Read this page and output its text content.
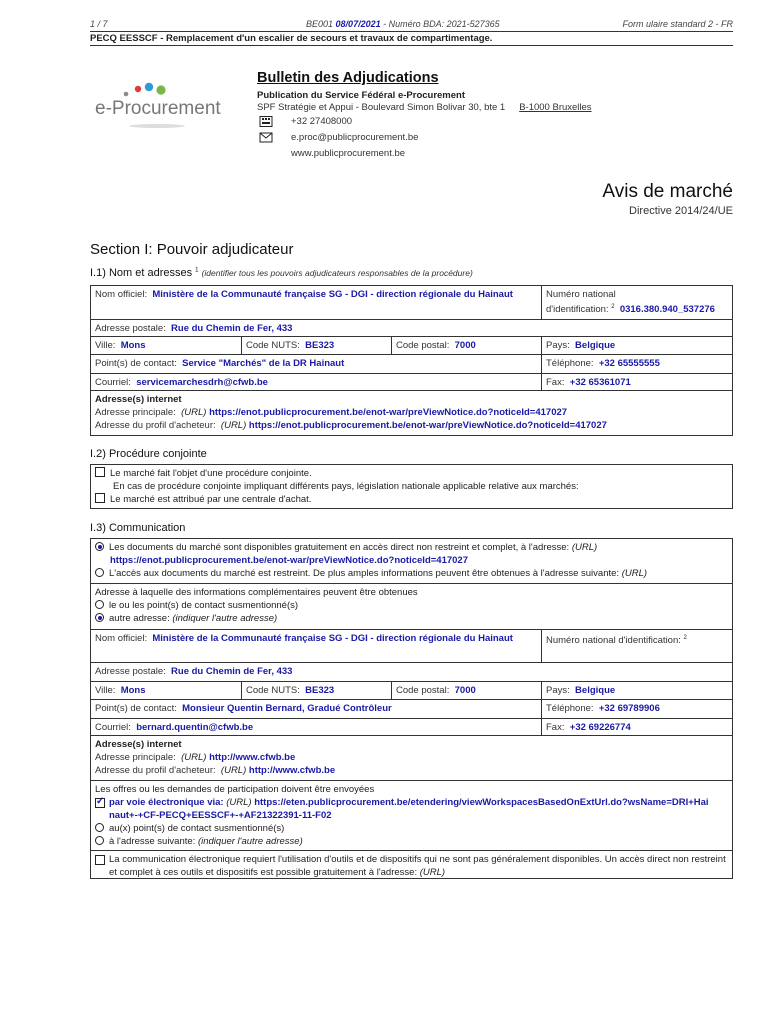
1 / 7	BE001 08/07/2021 - Numéro BDA: 2021-527365	Form ulaire standard 2 - FR
PECQ EESSCF - Remplacement d'un escalier de secours et travaux de compartimentage.
e-Procurement
Bulletin des Adjudications
Publication du Service Fédéral e-Procurement
SPF Stratégie et Appui - Boulevard Simon Bolivar 30, bte 1 B-1000 Bruxelles
+32 27408000
e.proc@publicprocurement.be
www.publicprocurement.be
Avis de marché
Directive 2014/24/UE
Section I: Pouvoir adjudicateur
I.1) Nom et adresses $^1$ (identifier tous les pouvoirs adjudicateurs responsables de la procédure)
Nom officiel: Ministère de la Communauté française SG - DGI - direction régionale du Hainaut	Numéro national
d'identification: $^2$ 0316.380.940_537276
Adresse postale: Rue du Chemin de Fer, 433
Ville: Mons	Code NUTS: BE323	Code postal: 7000	Pays: Belgique
Point(s) de contact: Service "Marchés" de la DR Hainaut	Téléphone: +32 65555555
Courriel: servicemarchesdrh@cfwb.be	Fax: +32 65361071
Adresse(s) internet
Adresse principale: (URL) https://enot.publicprocurement.be/enot-war/preViewNotice.do?noticeId=417027
Adresse du profil d'acheteur: (URL) https://enot.publicprocurement.be/enot-war/preViewNotice.do?noticeId=417027
I.2) Procédure conjointe
Le marché fait l'objet d'une procédure conjointe.
En cas de procédure conjointe impliquant différents pays, législation nationale applicable relative aux marchés:
Le marché est attribué par une centrale d'achat.
I.3) Communication
Les documents du marché sont disponibles gratuitement en accès direct non restreint et complet, à l'adresse: (URL)
https://enot.publicprocurement.be/enot-war/preViewNotice.do?noticeId=417027
L'accès aux documents du marché est restreint. De plus amples informations peuvent être obtenues à l'adresse suivante: (URL)
Adresse à laquelle des informations complémentaires peuvent être obtenues
le ou les point(s) de contact susmentionné(s)
autre adresse: (indiquer l'autre adresse)
Nom officiel: Ministère de la Communauté française SG - DGI - direction régionale du Hainaut	Numéro national d'identification: $^2$
Adresse postale: Rue du Chemin de Fer, 433
Ville: Mons	Code NUTS: BE323	Code postal: 7000	Pays: Belgique
Point(s) de contact: Monsieur Quentin Bernard, Gradué Contrôleur	Téléphone: +32 69789906
Courriel: bernard.quentin@cfwb.be	Fax: +32 69226774
Adresse(s) internet
Adresse principale: (URL) http://www.cfwb.be
Adresse du profil d'acheteur: (URL) http://www.cfwb.be
Les offres ou les demandes de participation doivent être envoyées
✓
par voie électronique via: (URL) https://eten.publicprocurement.be/etendering/viewWorkspacesBasedOnExtUrl.do?wsName=DRI+Hainaut+-+CF-PECQ+EESSCF+-+AF21322391-11-F02
au(x) point(s) de contact susmentionné(s)
à l'adresse suivante: (indiquer l'autre adresse)
La communication électronique requiert l'utilisation d'outils et de dispositifs qui ne sont pas généralement disponibles. Un accès direct non restreint et complet à ces outils et dispositifs est possible gratuitement à l'adresse: (URL)
